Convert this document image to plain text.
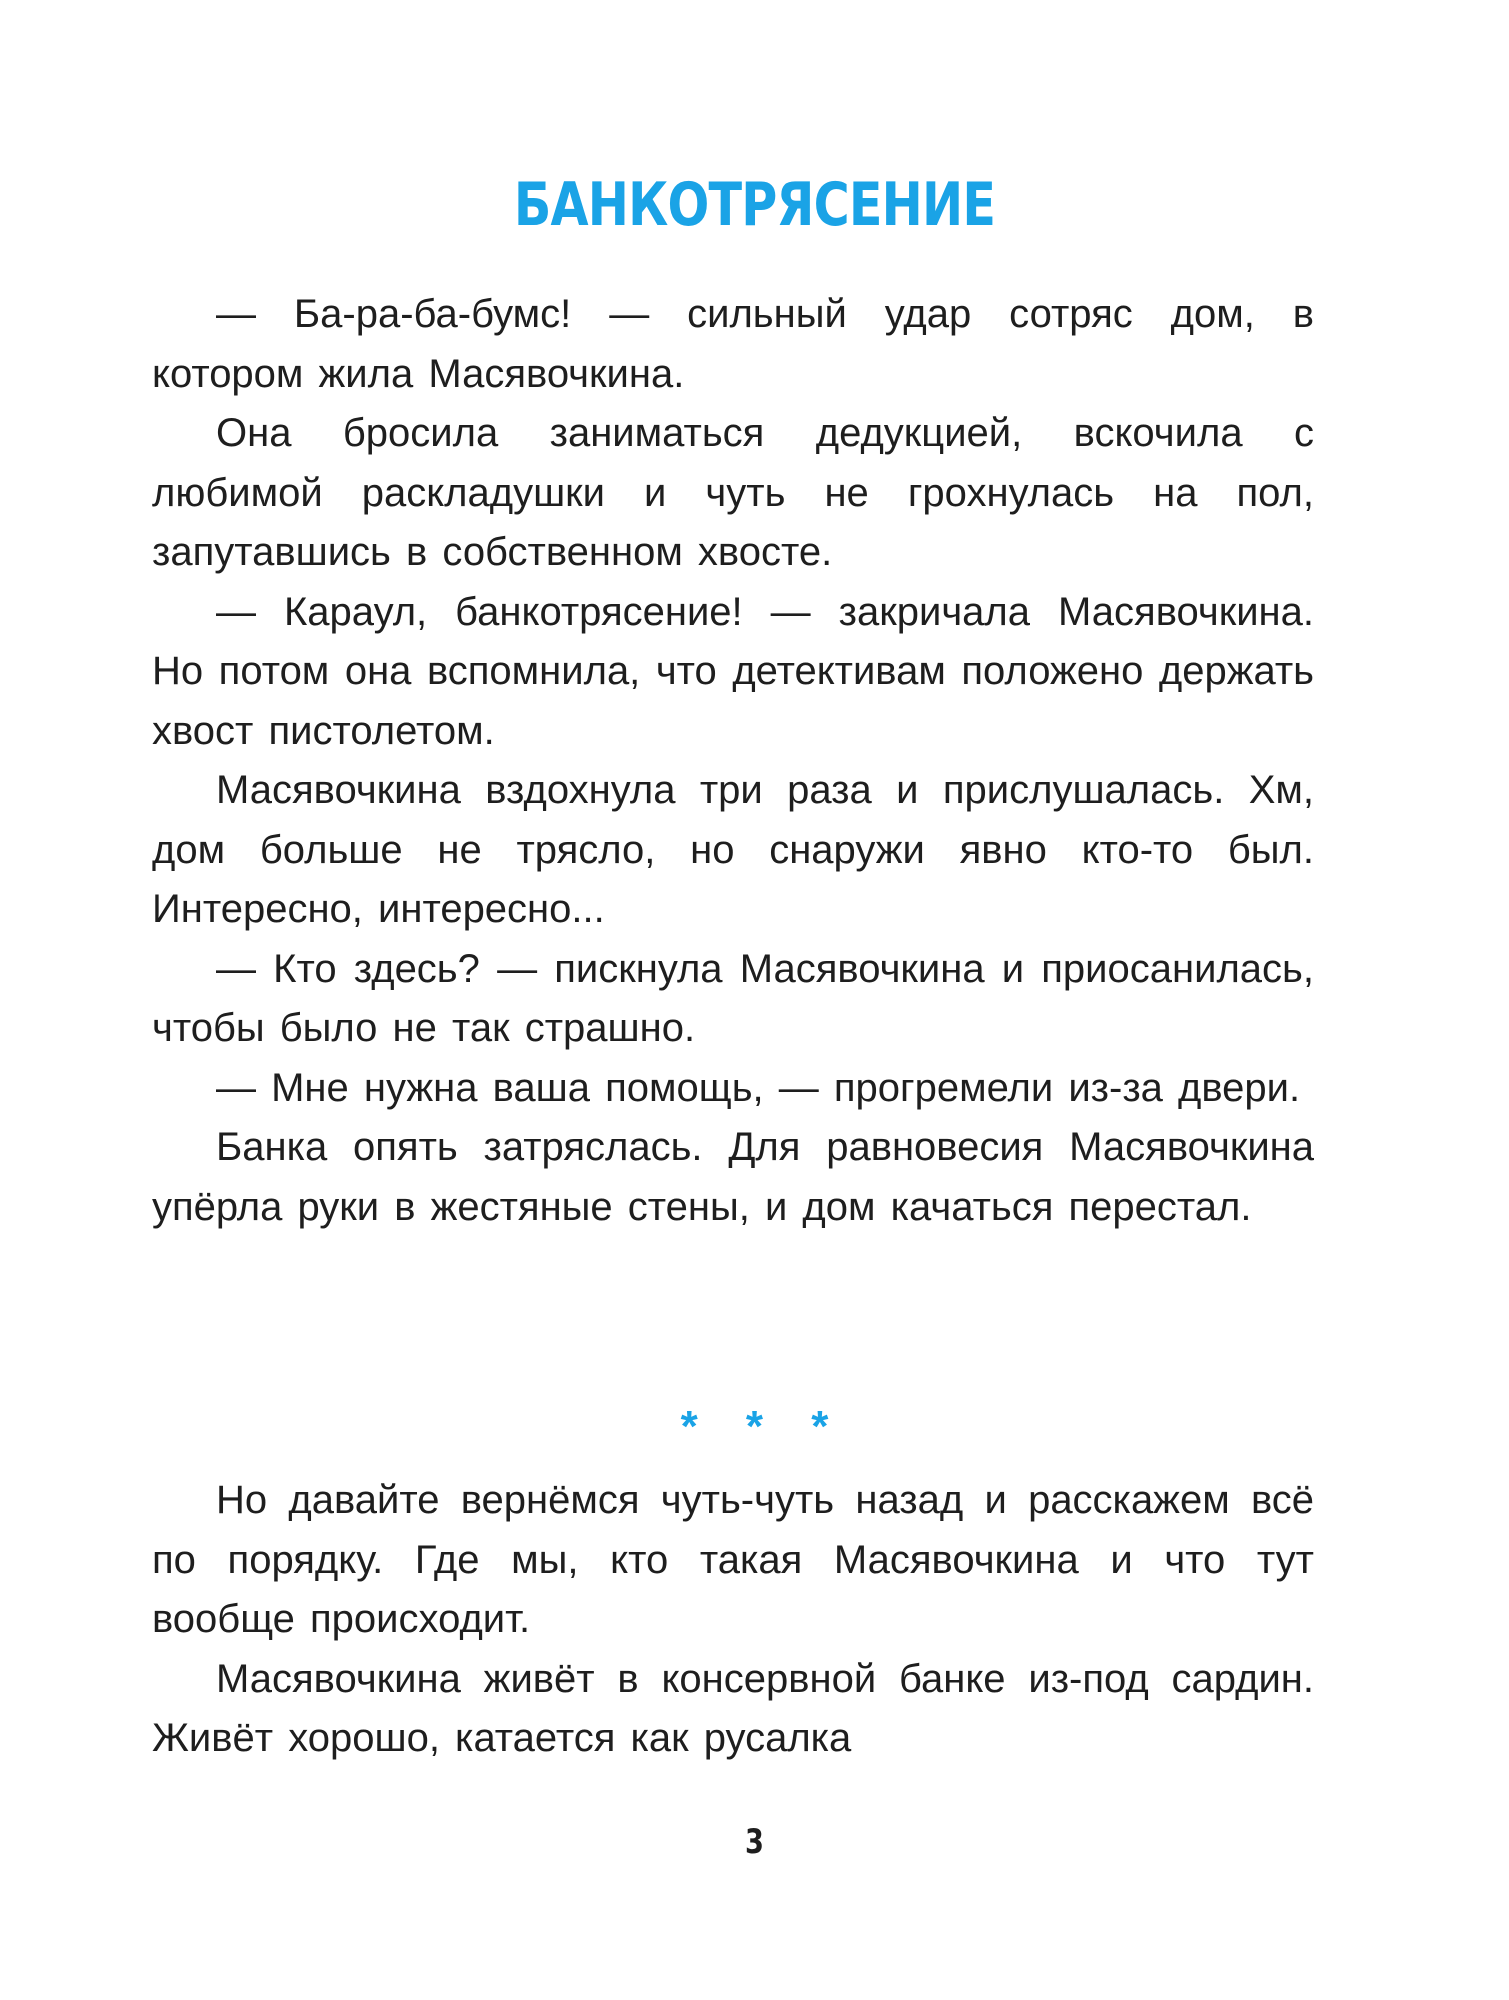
БАНКОТРЯСЕНИЕ

— Ба-ра-ба-бумс! — сильный удар сотряс дом, в котором жила Масявочкина.

Она бросила заниматься дедукцией, вскочила с любимой раскладушки и чуть не грохнулась на пол, запутавшись в собственном хвосте.

— Караул, банкотрясение! — закричала Масявочкина. Но потом она вспомнила, что детективам положено держать хвост пистолетом.

Масявочкина вздохнула три раза и прислушалась. Хм, дом больше не трясло, но снаружи явно кто-то был. Интересно, интересно...

— Кто здесь? — пискнула Масявочкина и приосанилась, чтобы было не так страшно.

— Мне нужна ваша помощь, — прогремели из-за двери.

Банка опять затряслась. Для равновесия Масявочкина упёрла руки в жестяные стены, и дом качаться перестал.

* * *

Но давайте вернёмся чуть-чуть назад и расскажем всё по порядку. Где мы, кто такая Масявочкина и что тут вообще происходит.

Масявочкина живёт в консервной банке из-под сардин. Живёт хорошо, катается как русалка

3
